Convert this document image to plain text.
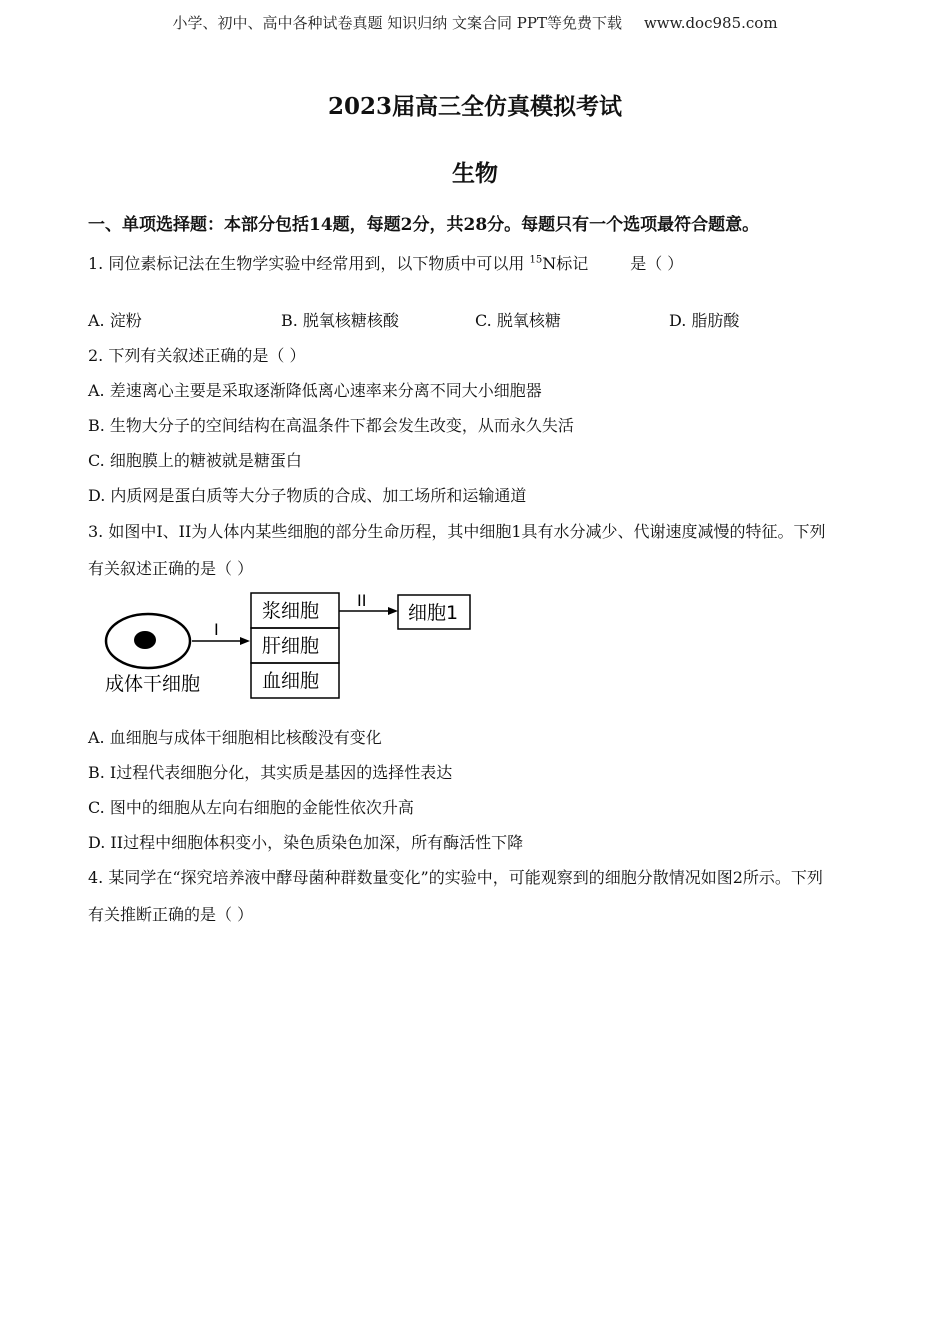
小学、初中、高中各种试卷真题 知识归纳 文案合同 PPT等免费下载 www.doc985.com
2023届高三全仿真模拟考试
生物
一、单项选择题：本部分包括14题，每题2分，共28分。每题只有一个选项最符合题意。
1. 同位素标记法在生物学实验中经常用到，以下物质中可以用 $^{15}$N标记	是（ ）
A. 淀粉	B. 脱氧核糖核酸	C. 脱氧核糖	D. 脂肪酸
2. 下列有关叙述正确的是（ ）
A. 差速离心主要是采取逐渐降低离心速率来分离不同大小细胞器
B. 生物大分子的空间结构在高温条件下都会发生改变，从而永久失活
C. 细胞膜上的糖被就是糖蛋白
D. 内质网是蛋白质等大分子物质的合成、加工场所和运输通道
3. 如图中I、II为人体内某些细胞的部分生命历程，其中细胞1具有水分减少、代谢速度减慢的特征。下列
有关叙述正确的是（ ）
成体干细胞
I
浆细胞
肝细胞
血细胞
II
细胞1
A. 血细胞与成体干细胞相比核酸没有变化
B. I过程代表细胞分化，其实质是基因的选择性表达
C. 图中的细胞从左向右细胞的金能性依次升高
D. II过程中细胞体积变小，染色质染色加深，所有酶活性下降
4. 某同学在“探究培养液中酵母菌种群数量变化”的实验中，可能观察到的细胞分散情况如图2所示。下列
有关推断正确的是（ ）
